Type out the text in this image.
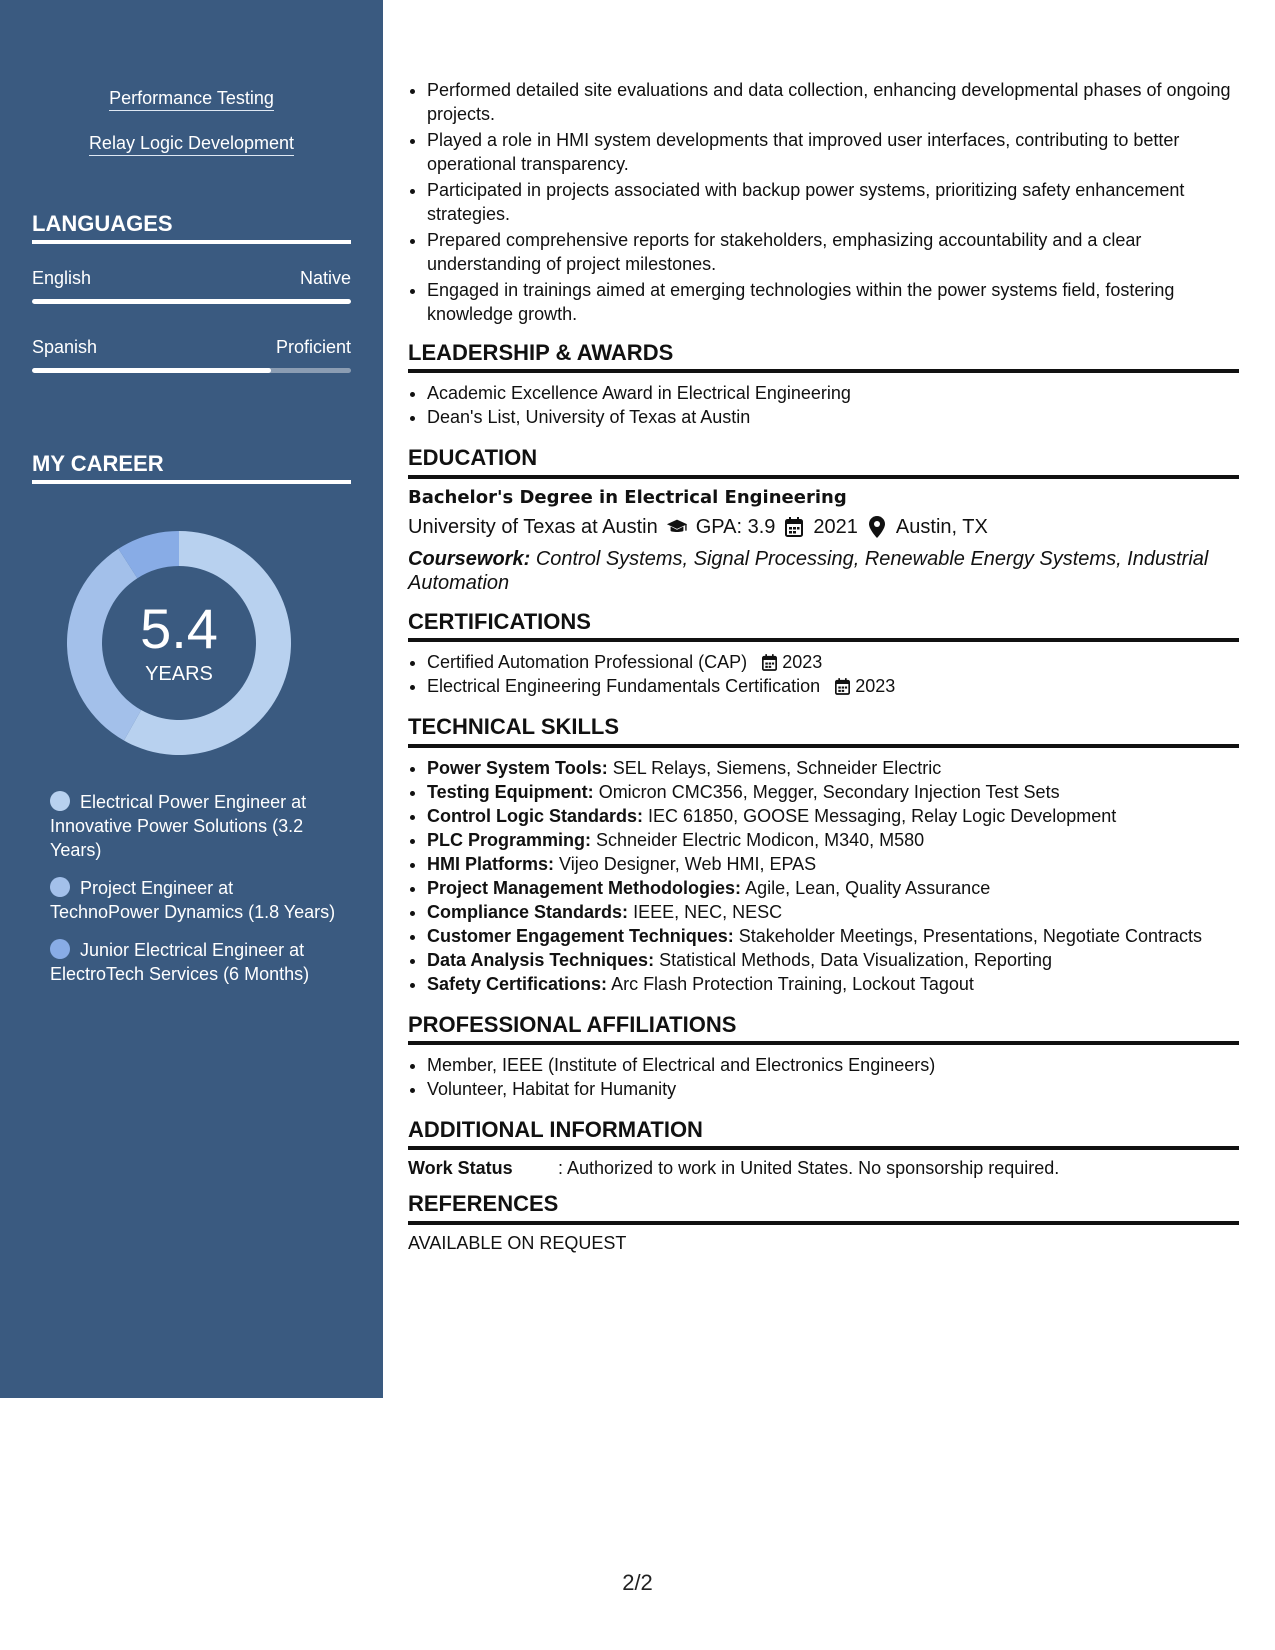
Performance Testing
Relay Logic Development
LANGUAGES
English	Native
Spanish	Proficient
MY CAREER
5.4
YEARS
Electrical Power Engineer at Innovative Power Solutions (3.2 Years)
Project Engineer at TechnoPower Dynamics (1.8 Years)
Junior Electrical Engineer at ElectroTech Services (6 Months)
• Performed detailed site evaluations and data collection, enhancing developmental phases of ongoing projects.
• Played a role in HMI system developments that improved user interfaces, contributing to better operational transparency.
• Participated in projects associated with backup power systems, prioritizing safety enhancement strategies.
• Prepared comprehensive reports for stakeholders, emphasizing accountability and a clear understanding of project milestones.
• Engaged in trainings aimed at emerging technologies within the power systems field, fostering knowledge growth.
LEADERSHIP & AWARDS
• Academic Excellence Award in Electrical Engineering
• Dean's List, University of Texas at Austin
EDUCATION
Bachelor's Degree in Electrical Engineering
University of Texas at Austin GPA: 3.9 2021 Austin, TX
Coursework: Control Systems, Signal Processing, Renewable Energy Systems, Industrial Automation
CERTIFICATIONS
• Certified Automation Professional (CAP) 2023
• Electrical Engineering Fundamentals Certification 2023
TECHNICAL SKILLS
• Power System Tools: SEL Relays, Siemens, Schneider Electric
• Testing Equipment: Omicron CMC356, Megger, Secondary Injection Test Sets
• Control Logic Standards: IEC 61850, GOOSE Messaging, Relay Logic Development
• PLC Programming: Schneider Electric Modicon, M340, M580
• HMI Platforms: Vijeo Designer, Web HMI, EPAS
• Project Management Methodologies: Agile, Lean, Quality Assurance
• Compliance Standards: IEEE, NEC, NESC
• Customer Engagement Techniques: Stakeholder Meetings, Presentations, Negotiate Contracts
• Data Analysis Techniques: Statistical Methods, Data Visualization, Reporting
• Safety Certifications: Arc Flash Protection Training, Lockout Tagout
PROFESSIONAL AFFILIATIONS
• Member, IEEE (Institute of Electrical and Electronics Engineers)
• Volunteer, Habitat for Humanity
ADDITIONAL INFORMATION
Work Status	: Authorized to work in United States. No sponsorship required.
REFERENCES
AVAILABLE ON REQUEST
2/2
